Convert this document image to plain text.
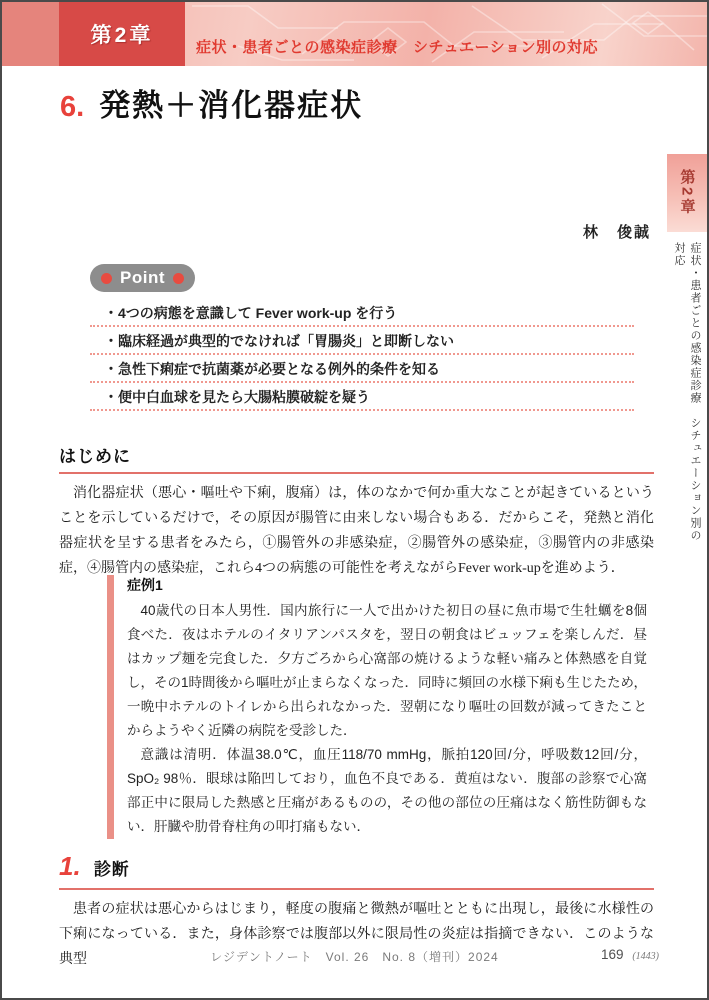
第2章
症状・患者ごとの感染症診療　シチュエーション別の対応
6. 発熱＋消化器症状
林　俊誠
Point
・4つの病態を意識して Fever work-up を行う
・臨床経過が典型的でなければ「胃腸炎」と即断しない
・急性下痢症で抗菌薬が必要となる例外的条件を知る
・便中白血球を見たら大腸粘膜破綻を疑う
はじめに

消化器症状（悪心・嘔吐や下痢，腹痛）は，体のなかで何か重大なことが起きているということを示しているだけで，その原因が腸管に由来しない場合もある．だからこそ，発熱と消化器症状を呈する患者をみたら，①腸管外の非感染症，②腸管外の感染症，③腸管内の非感染症，④腸管内の感染症，これら4つの病態の可能性を考えながらFever work-upを進めよう．

症例1

40歳代の日本人男性．国内旅行に一人で出かけた初日の昼に魚市場で生牡蠣を8個食べた．夜はホテルのイタリアンパスタを，翌日の朝食はビュッフェを楽しんだ．昼はカップ麺を完食した．夕方ごろから心窩部の焼けるような軽い痛みと体熱感を自覚し，その1時間後から嘔吐が止まらなくなった．同時に頻回の水様下痢も生じたため，一晩中ホテルのトイレから出られなかった．翌朝になり嘔吐の回数が減ってきたことからようやく近隣の病院を受診した．

意識は清明．体温38.0℃，血圧118/70 mmHg，脈拍120回/分，呼吸数12回/分，SpO₂ 98％．眼球は陥凹しており，血色不良である．黄疸はない．腹部の診察で心窩部正中に限局した熱感と圧痛があるものの，その他の部位の圧痛はなく筋性防御もない．肝臓や肋骨脊柱角の叩打痛もない．

1. 診断

患者の症状は悪心からはじまり，軽度の腹痛と微熱が嘔吐とともに出現し，最後に水様性の下痢になっている．また，身体診察では腹部以外に限局性の炎症は指摘できない．このような典型

第2章
症状・患者ごとの感染症診療　シチュエーション別の対応
レジデントノート　Vol. 26　No. 8（増刊）2024	169 (1443)
